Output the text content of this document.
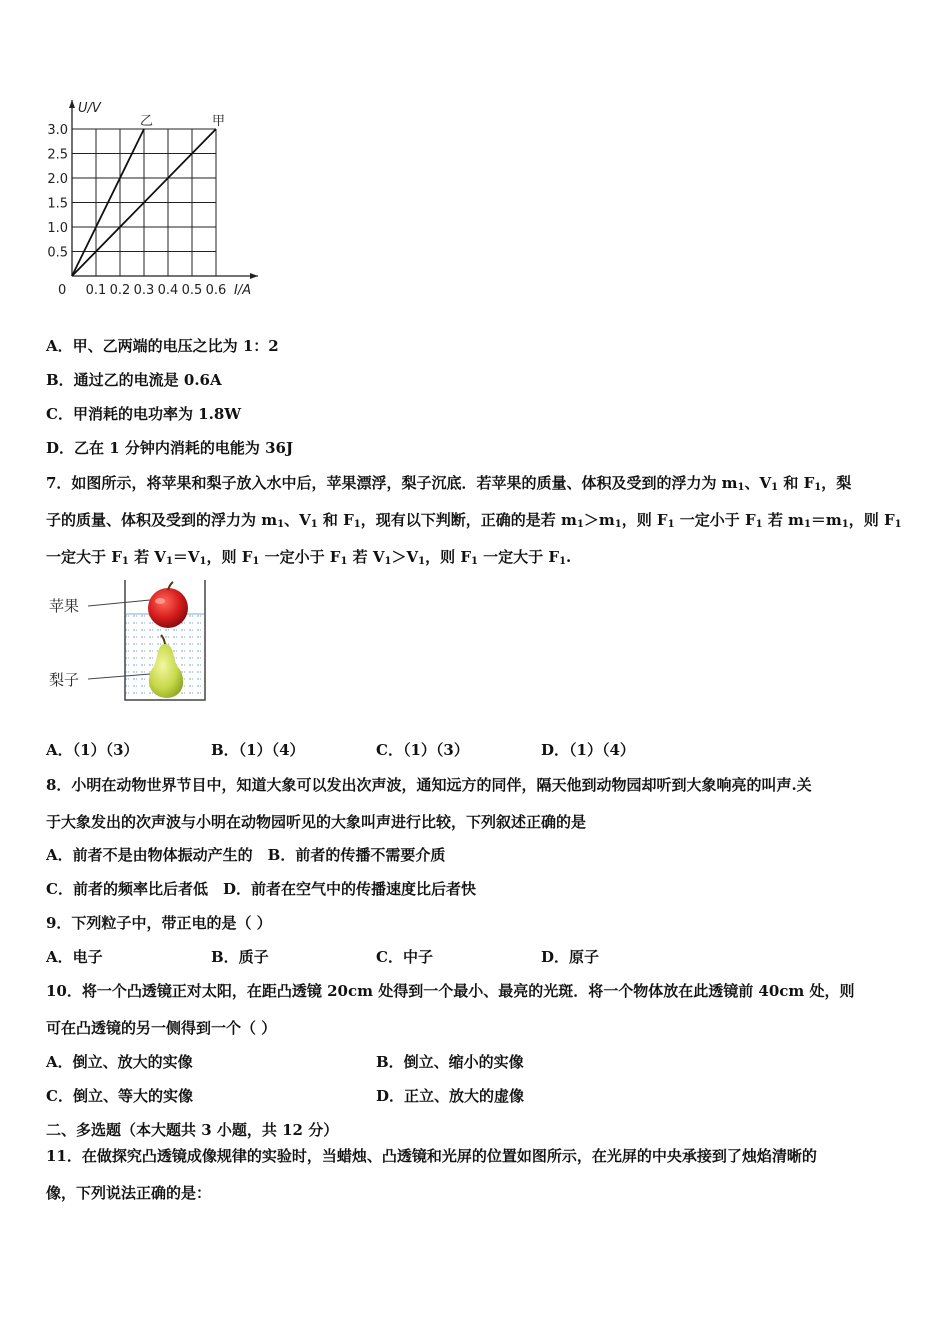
0.1 0.2 0.3 0.4 0.5 0.6
0.5
1.0
1.5
2.0
2.5
3.0
I/A
U/V
0
乙	甲
A．甲、乙两端的电压之比为 1：2
B．通过乙的电流是 0.6A
C．甲消耗的电功率为 1.8W
D．乙在 1 分钟内消耗的电能为 36J
7．如图所示，将苹果和梨子放入水中后，苹果漂浮，梨子沉底．若苹果的质量、体积及受到的浮力为 $m_1$、$V_1$ 和 $F_1$，梨
子的质量、体积及受到的浮力为 $m_1$、$V_1$ 和 $F_1$，现有以下判断，正确的是若 $m_1>m_1$，则 $F_1$ 一定小于 $F_1$ 若 $m_1=m_1$，则 $F_1$
一定大于 $F_1$ 若 $V_1=V_1$，则 $F_1$ 一定小于 $F_1$ 若 $V_1>V_1$，则 $F_1$ 一定大于 $F_1$.
苹果
梨子
A．（1）（3）	B．（1）（4）	C．（1）（3）	D．（1）（4）
8．小明在动物世界节目中，知道大象可以发出次声波，通知远方的同伴，隔天他到动物园却听到大象响亮的叫声.关
于大象发出的次声波与小明在动物园听见的大象叫声进行比较，下列叙述正确的是
A．前者不是由物体振动产生的　B．前者的传播不需要介质
C．前者的频率比后者低　D．前者在空气中的传播速度比后者快
9．下列粒子中，带正电的是（ ）
A．电子	B．质子	C．中子	D．原子
10．将一个凸透镜正对太阳，在距凸透镜 20cm 处得到一个最小、最亮的光斑．将一个物体放在此透镜前 40cm 处，则
可在凸透镜的另一侧得到一个（ ）
A．倒立、放大的实像	B．倒立、缩小的实像
C．倒立、等大的实像	D．正立、放大的虚像
二、多选题（本大题共 3 小题，共 12 分）
11．在做探究凸透镜成像规律的实验时，当蜡烛、凸透镜和光屏的位置如图所示，在光屏的中央承接到了烛焰清晰的
像，下列说法正确的是：
